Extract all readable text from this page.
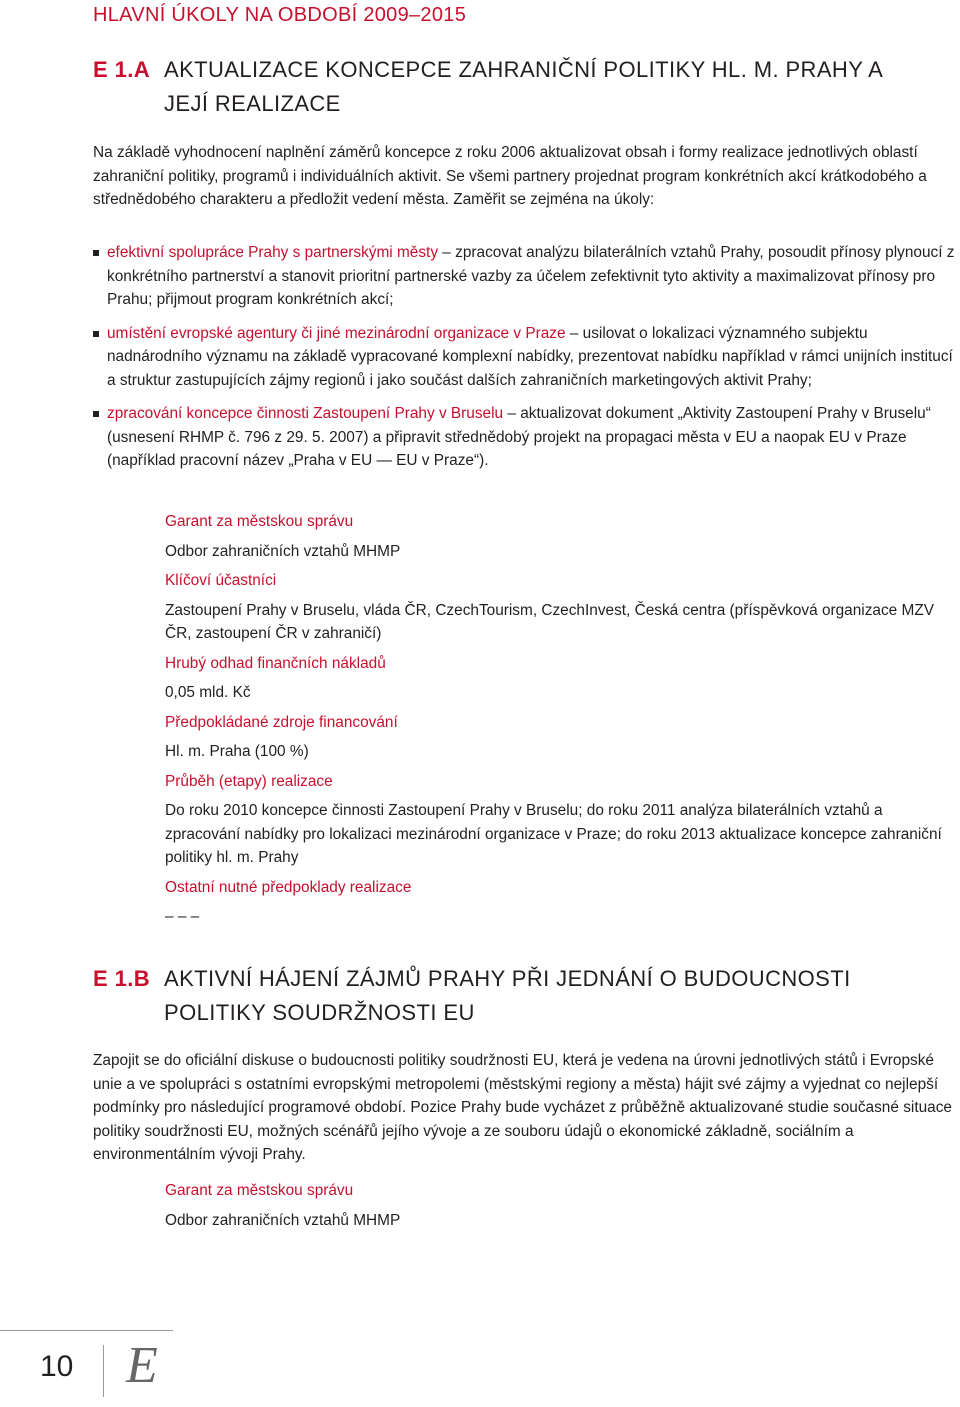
HLAVNÍ ÚKOLY NA OBDOBÍ 2009–2015
E 1.A AKTUALIZACE KONCEPCE ZAHRANIČNÍ POLITIKY HL. M. PRAHY A JEJÍ REALIZACE

Na základě vyhodnocení naplnění záměrů koncepce z roku 2006 aktualizovat obsah i formy realizace jednotlivých oblastí zahraniční politiky, programů i individuálních aktivit. Se všemi partnery projednat program konkrétních akcí krátkodobého a střednědobého charakteru a předložit vedení města. Zaměřit se zejména na úkoly:

efektivní spolupráce Prahy s partnerskými městy – zpracovat analýzu bilaterálních vztahů Prahy, posoudit přínosy plynoucí z konkrétního partnerství a stanovit prioritní partnerské vazby za účelem zefektivnit tyto aktivity a maximalizovat přínosy pro Prahu; přijmout program konkrétních akcí;
umístění evropské agentury či jiné mezinárodní organizace v Praze – usilovat o lokalizaci významného subjektu nadnárodního významu na základě vypracované komplexní nabídky, prezentovat nabídku například v rámci unijních institucí a struktur zastupujících zájmy regionů i jako součást dalších zahraničních marketingových aktivit Prahy;
zpracování koncepce činnosti Zastoupení Prahy v Bruselu – aktualizovat dokument „Aktivity Zastoupení Prahy v Bruselu“ (usnesení RHMP č. 796 z 29. 5. 2007) a připravit střednědobý projekt na propagaci města v EU a naopak EU v Praze (například pracovní název „Praha v EU — EU v Praze“).

Garant za městskou správu

Odbor zahraničních vztahů MHMP

Klíčoví účastníci

Zastoupení Prahy v Bruselu, vláda ČR, CzechTourism, CzechInvest, Česká centra (příspěvková organizace MZV ČR, zastoupení ČR v zahraničí)

Hrubý odhad finančních nákladů

0,05 mld. Kč

Předpokládané zdroje financování

Hl. m. Praha (100 %)

Průběh (etapy) realizace

Do roku 2010 koncepce činnosti Zastoupení Prahy v Bruselu; do roku 2011 analýza bilaterálních vztahů a zpracování nabídky pro lokalizaci mezinárodní organizace v Praze; do roku 2013 aktualizace koncepce zahraniční politiky hl. m. Prahy

Ostatní nutné předpoklady realizace

– – –

E 1.B AKTIVNÍ HÁJENÍ ZÁJMŮ PRAHY PŘI JEDNÁNÍ O BUDOUCNOSTI POLITIKY SOUDRŽNOSTI EU

Zapojit se do oficiální diskuse o budoucnosti politiky soudržnosti EU, která je vedena na úrovni jednotlivých států i Evropské unie a ve spolupráci s ostatními evropskými metropolemi (městskými regiony a města) hájit své zájmy a vyjednat co nejlepší podmínky pro následující programové období. Pozice Prahy bude vycházet z průběžně aktualizované studie současné situace politiky soudržnosti EU, možných scénářů jejího vývoje a ze souboru údajů o ekonomické základně, sociálním a environmentálním vývoji Prahy.

Garant za městskou správu

Odbor zahraničních vztahů MHMP

10 E
